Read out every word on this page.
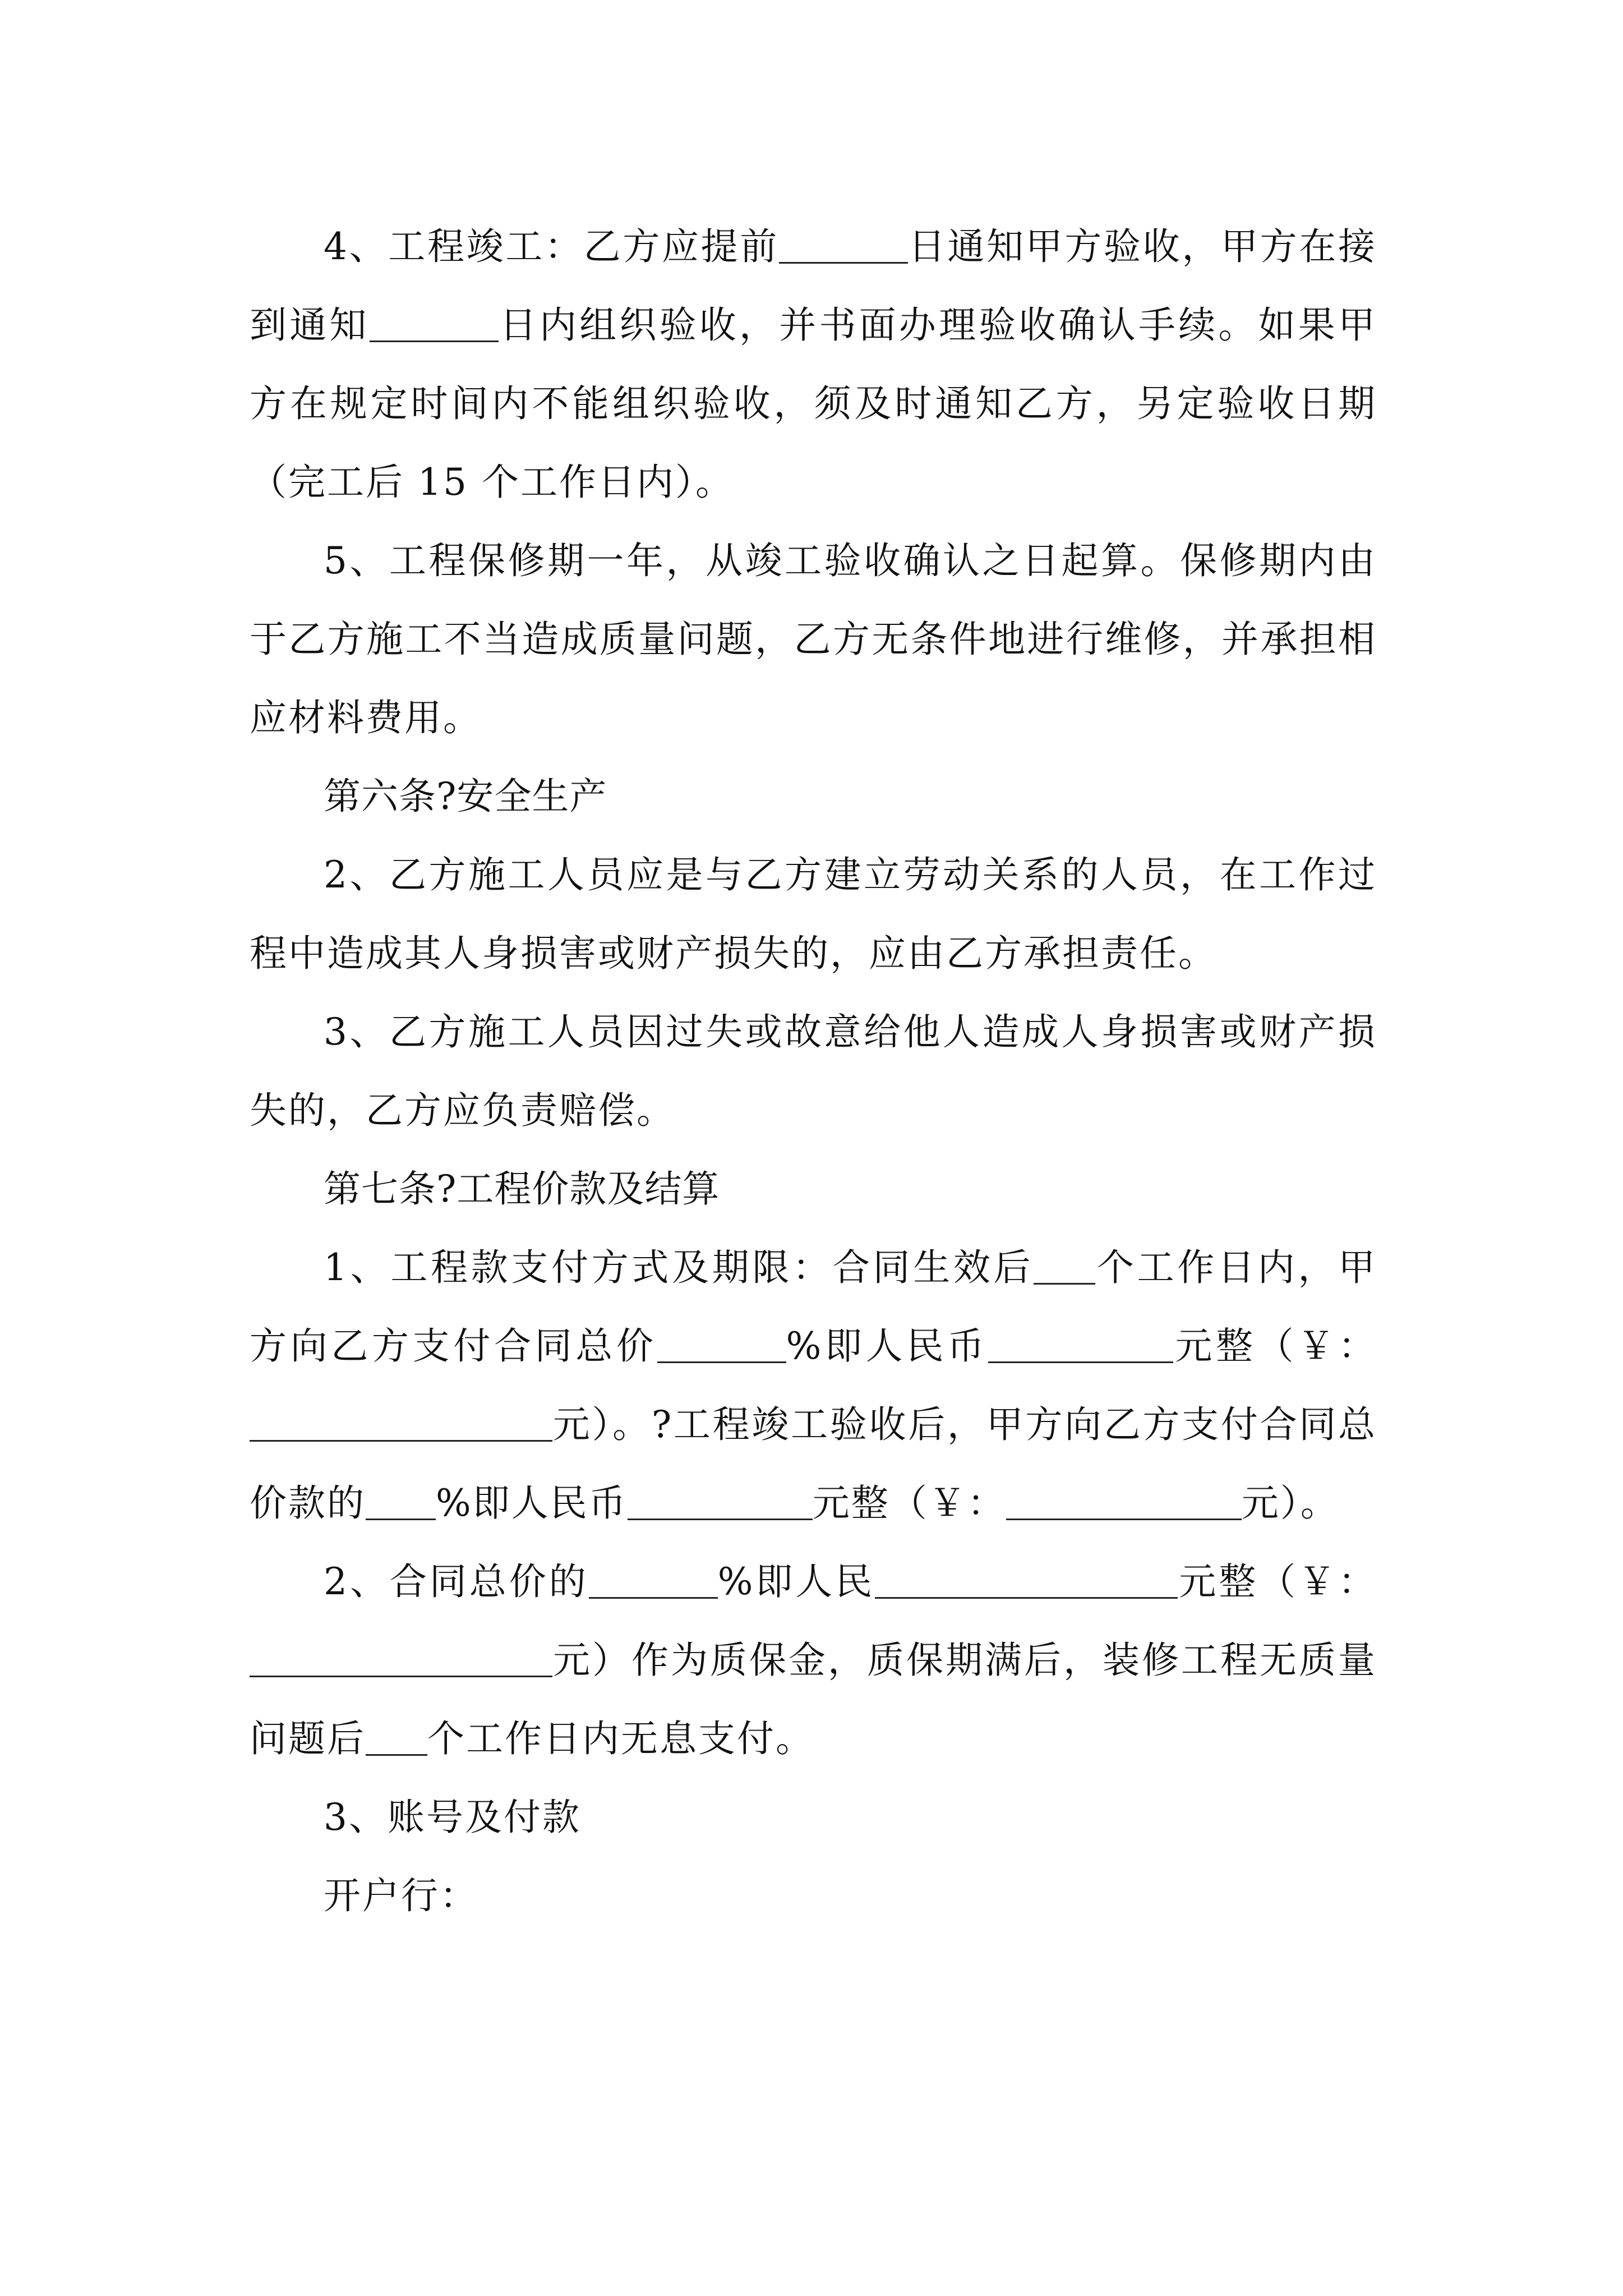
4、工程竣工：乙方应提前	日通知甲方验收，甲方在接到通知	日内组织验收，并书面办理验收确认手续。如果甲方在规定时间内不能组织验收，须及时通知乙方，另定验收日期（完工后 15 个工作日内）。

5、工程保修期一年，从竣工验收确认之日起算。保修期内由于乙方施工不当造成质量问题，乙方无条件地进行维修，并承担相应材料费用。

第六条?安全生产

2、乙方施工人员应是与乙方建立劳动关系的人员，在工作过程中造成其人身损害或财产损失的，应由乙方承担责任。

3、乙方施工人员因过失或故意给他人造成人身损害或财产损失的，乙方应负责赔偿。

第七条?工程价款及结算

1、工程款支付方式及期限：合同生效后 个工作日内，甲方向乙方支付合同总价	%即人民币	元整（￥：元）。?工程竣工验收后，甲方向乙方支付合同总价款的 %即人民币	元整（￥：	元）。

2、合同总价的	%即人民	元整（￥：元）作为质保金，质保期满后，装修工程无质量问题后 个工作日内无息支付。

3、账号及付款

开户行：
